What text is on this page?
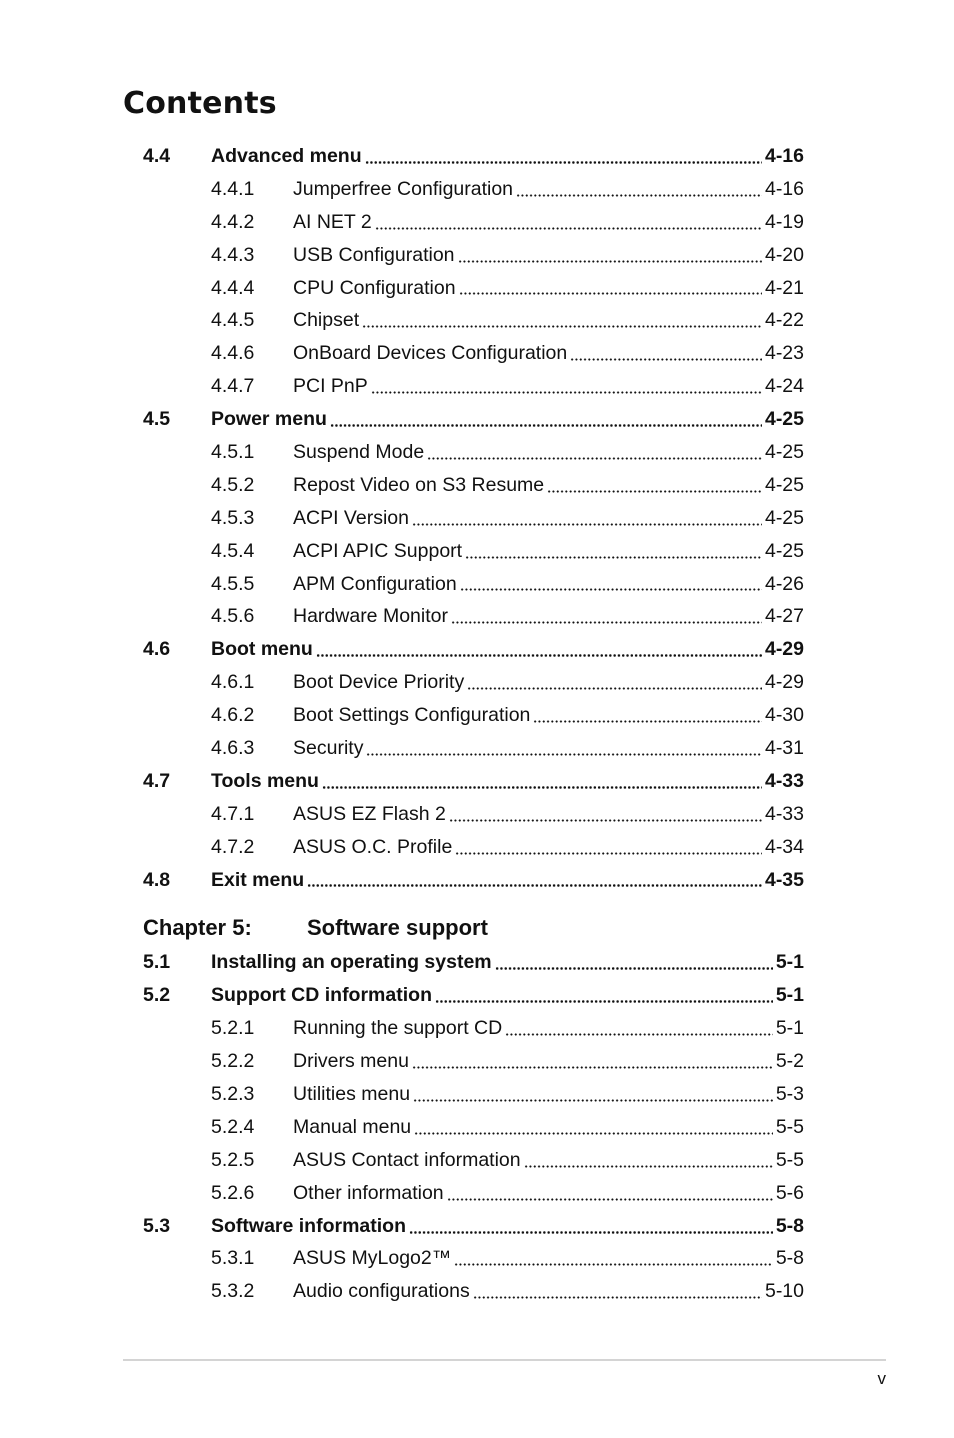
Contents
4.4	Advanced menu	4-16
4.4.1	Jumperfree Configuration	4-16
4.4.2	AI NET 2	4-19
4.4.3	USB Configuration	4-20
4.4.4	CPU Configuration	4-21
4.4.5	Chipset	4-22
4.4.6	OnBoard Devices Configuration	4-23
4.4.7	PCI PnP	4-24
4.5	Power menu	4-25
4.5.1	Suspend Mode	4-25
4.5.2	Repost Video on S3 Resume	4-25
4.5.3	ACPI Version	4-25
4.5.4	ACPI APIC Support	4-25
4.5.5	APM Configuration	4-26
4.5.6	Hardware Monitor	4-27
4.6	Boot menu	4-29
4.6.1	Boot Device Priority	4-29
4.6.2	Boot Settings Configuration	4-30
4.6.3	Security	4-31
4.7	Tools menu	4-33
4.7.1	ASUS EZ Flash 2	4-33
4.7.2	ASUS O.C. Profile	4-34
4.8	Exit menu	4-35
Chapter 5:	Software support
5.1	Installing an operating system	5-1
5.2	Support CD information	5-1
5.2.1	Running the support CD	5-1
5.2.2	Drivers menu	5-2
5.2.3	Utilities menu	5-3
5.2.4	Manual menu	5-5
5.2.5	ASUS Contact information	5-5
5.2.6	Other information	5-6
5.3	Software information	5-8
5.3.1	ASUS MyLogo2™	5-8
5.3.2	Audio configurations	5-10
v
